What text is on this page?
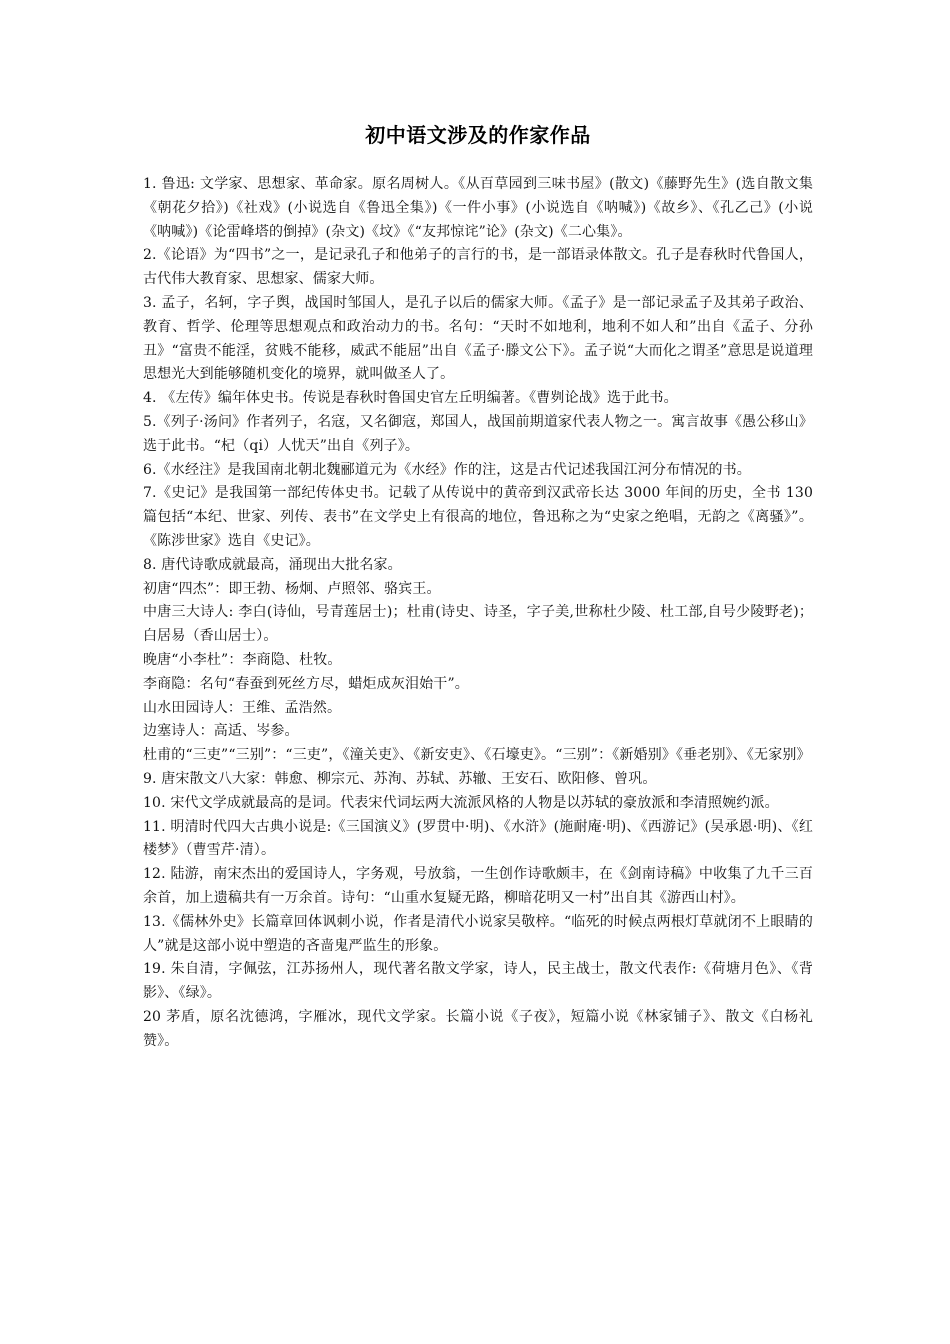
初中语文涉及的作家作品

1. 鲁迅: 文学家、思想家、革命家。原名周树人。《从百草园到三味书屋》(散文)《藤野先生》(选自散文集《朝花夕拾》)《社戏》(小说选自《鲁迅全集》)《一件小事》(小说选自《呐喊》)《故乡》、《孔乙己》(小说《呐喊》)《论雷峰塔的倒掉》(杂文)《坟》《“友邦惊诧”论》(杂文)《二心集》。

2.《论语》为“四书”之一，是记录孔子和他弟子的言行的书，是一部语录体散文。孔子是春秋时代鲁国人，古代伟大教育家、思想家、儒家大师。

3. 孟子，名轲，字子舆，战国时邹国人，是孔子以后的儒家大师。《孟子》是一部记录孟子及其弟子政治、教育、哲学、伦理等思想观点和政治动力的书。名句：“天时不如地利，地利不如人和”出自《孟子、分孙丑》“富贵不能淫，贫贱不能移，威武不能屈”出自《孟子·滕文公下》。孟子说“大而化之谓圣”意思是说道理思想光大到能够随机变化的境界，就叫做圣人了。

4. 《左传》编年体史书。传说是春秋时鲁国史官左丘明编著。《曹刿论战》选于此书。

5.《列子·汤问》作者列子，名寇，又名御寇，郑国人，战国前期道家代表人物之一。寓言故事《愚公移山》选于此书。“杞（qi）人忧天”出自《列子》。

6.《水经注》是我国南北朝北魏郦道元为《水经》作的注，这是古代记述我国江河分布情况的书。

7.《史记》是我国第一部纪传体史书。记载了从传说中的黄帝到汉武帝长达 3000 年间的历史，全书 130 篇包括“本纪、世家、列传、表书”在文学史上有很高的地位，鲁迅称之为“史家之绝唱，无韵之《离骚》”。《陈涉世家》选自《史记》。

8. 唐代诗歌成就最高，涌现出大批名家。

初唐“四杰”：即王勃、杨炯、卢照邻、骆宾王。

中唐三大诗人: 李白(诗仙，号青莲居士)；杜甫(诗史、诗圣，字子美,世称杜少陵、杜工部,自号少陵野老)；白居易（香山居士）。

晚唐“小李杜”：李商隐、杜牧。

李商隐：名句“春蚕到死丝方尽，蜡炬成灰泪始干”。

山水田园诗人：王维、孟浩然。

边塞诗人：高适、岑参。

杜甫的“三吏”“三别”：“三吏”，《潼关吏》、《新安吏》、《石壕吏》。“三别”：《新婚别》《垂老别》、《无家别》

9. 唐宋散文八大家：韩愈、柳宗元、苏洵、苏轼、苏辙、王安石、欧阳修、曾巩。

10. 宋代文学成就最高的是词。代表宋代词坛两大流派风格的人物是以苏轼的豪放派和李清照婉约派。

11. 明清时代四大古典小说是:《三国演义》(罗贯中·明)、《水浒》(施耐庵·明)、《西游记》(吴承恩·明)、《红楼梦》（曹雪芹·清）。

12. 陆游，南宋杰出的爱国诗人，字务观，号放翁，一生创作诗歌颇丰，在《剑南诗稿》中收集了九千三百余首，加上遗稿共有一万余首。诗句：“山重水复疑无路，柳暗花明又一村”出自其《游西山村》。

13.《儒林外史》长篇章回体讽刺小说，作者是清代小说家吴敬梓。“临死的时候点两根灯草就闭不上眼睛的人”就是这部小说中塑造的吝啬鬼严监生的形象。

19. 朱自清，字佩弦，江苏扬州人，现代著名散文学家，诗人，民主战士，散文代表作:《荷塘月色》、《背影》、《绿》。

20 茅盾，原名沈德鸿，字雁冰，现代文学家。长篇小说《子夜》，短篇小说《林家铺子》、散文《白杨礼赞》。
